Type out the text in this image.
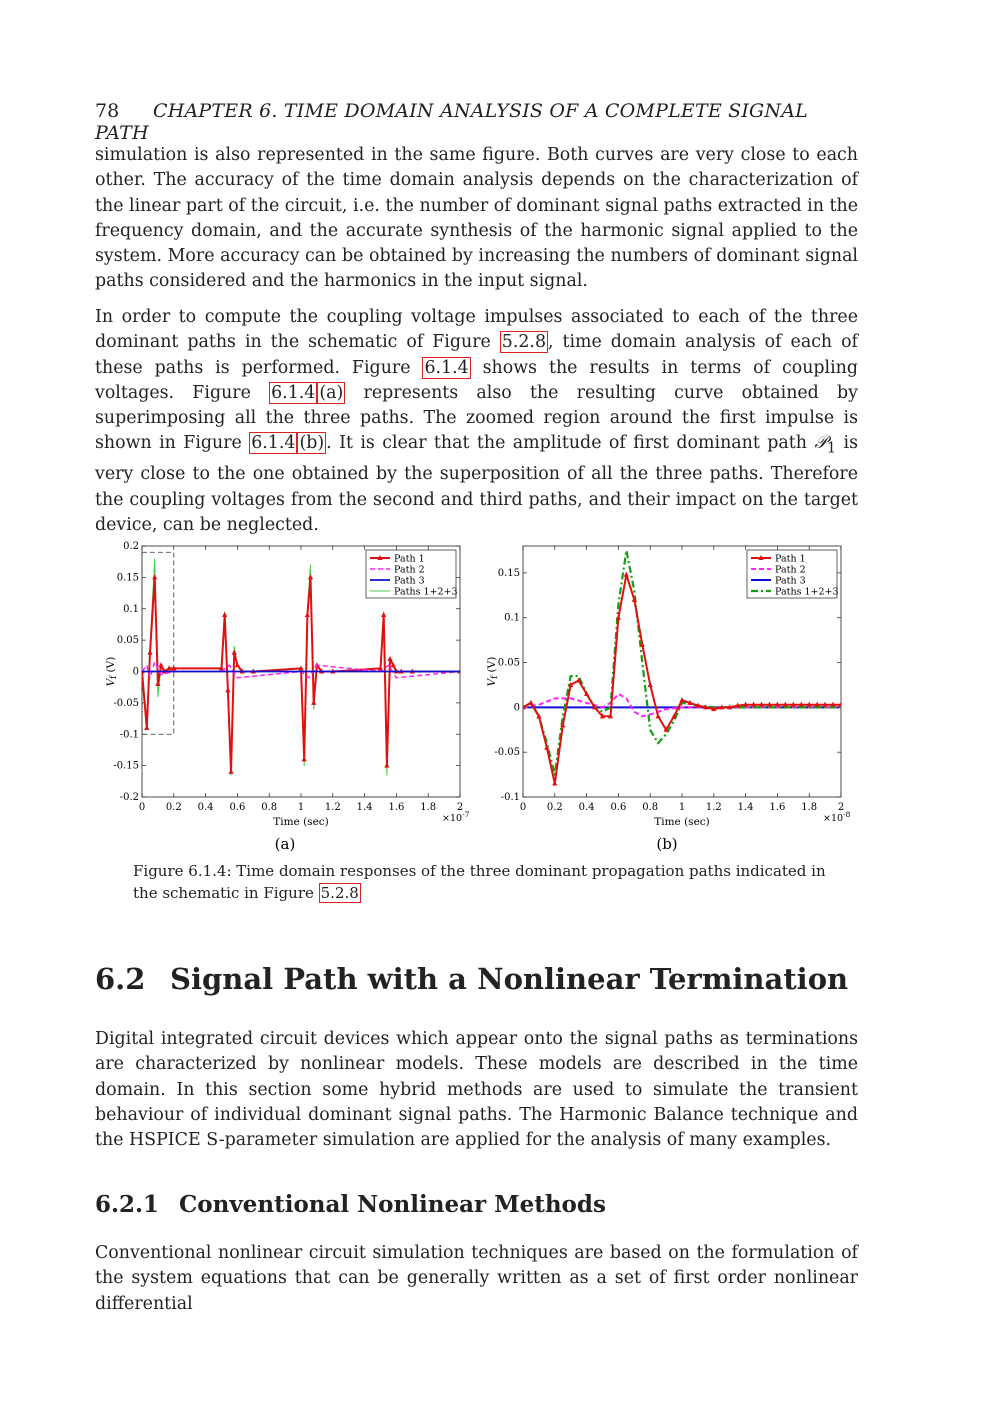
78 CHAPTER 6. TIME DOMAIN ANALYSIS OF A COMPLETE SIGNAL PATH

simulation is also represented in the same figure. Both curves are very close to each other. The accuracy of the time domain analysis depends on the characterization of the linear part of the circuit, i.e. the number of dominant signal paths extracted in the frequency domain, and the accurate synthesis of the harmonic signal applied to the system. More accuracy can be obtained by increasing the numbers of dominant signal paths considered and the harmonics in the input signal.

In order to compute the coupling voltage impulses associated to each of the three dominant paths in the schematic of Figure 5.2.8 , time domain analysis of each of these paths is performed. Figure 6.1.4 shows the results in terms of coupling voltages. Figure 6.1.4 (a) represents also the resulting curve obtained by superimposing all the three paths. The zoomed region around the first impulse is shown in Figure 6.1.4 (b) . It is clear that the amplitude of first dominant path 𝒫$_1$ is very close to the one obtained by the superposition of all the three paths. Therefore the coupling voltages from the second and third paths, and their impact on the target device, can be neglected.

0 0.2 0.4 0.6 0.8 1 1.2 1.4 1.6 1.8 2
-0.2
-0.15
-0.1
-0.05
0
0.05
0.1
0.15
0.2
Time (sec)
Vf (V)
$\times 10^{-7}$
Path 1
Path 2
Path 3
Paths 1+2+3
0 0.2 0.4 0.6 0.8 1 1.2 1.4 1.6 1.8 2
-0.1
-0.05
0
0.05
0.1
0.15
Time (sec)
Vf (V)
$\times 10^{-8}$
Path 1
Path 2
Path 3
Paths 1+2+3
(a)	(b)
Figure 6.1.4: Time domain responses of the three dominant propagation paths indicated in the schematic in Figure 5.2.8
6.2 Signal Path with a Nonlinear Termination

Digital integrated circuit devices which appear onto the signal paths as terminations are characterized by nonlinear models. These models are described in the time domain. In this section some hybrid methods are used to simulate the transient behaviour of individual dominant signal paths. The Harmonic Balance technique and the HSPICE S-parameter simulation are applied for the analysis of many examples.

6.2.1 Conventional Nonlinear Methods

Conventional nonlinear circuit simulation techniques are based on the formulation of the system equations that can be generally written as a set of first order nonlinear differential
